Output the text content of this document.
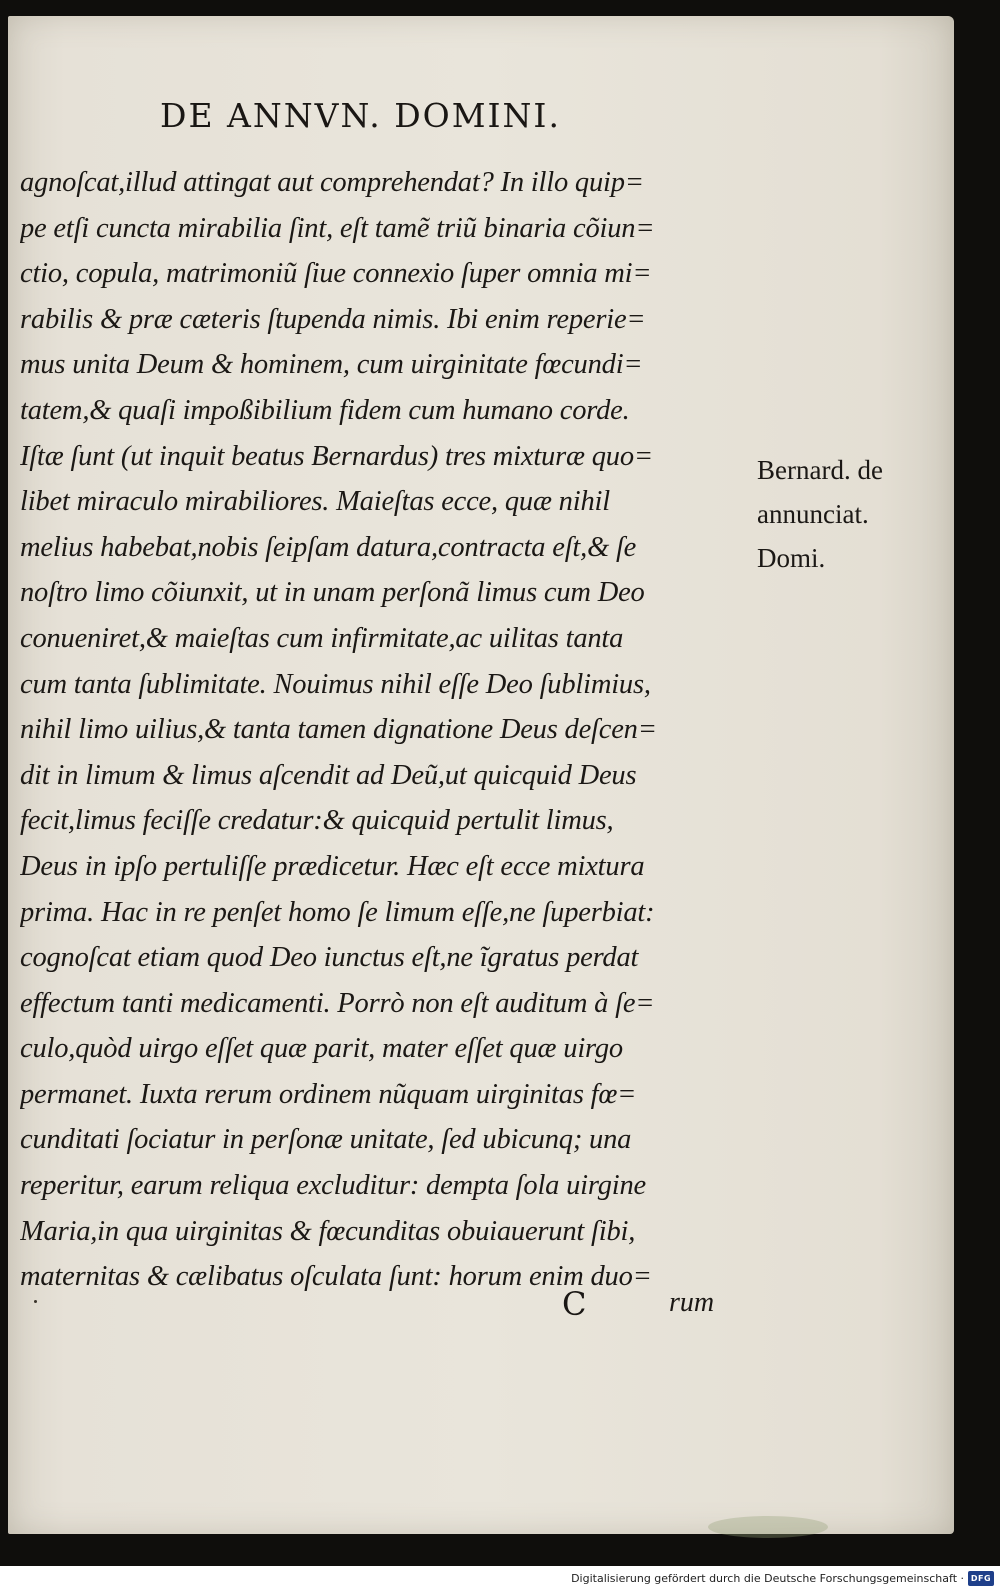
DE ANNVN. DOMINI.
agnoſcat,illud attingat aut comprehendat? In illo quip=
pe etſi cuncta mirabilia ſint, eſt tamẽ triũ binaria cõiun=
ctio, copula, matrimoniũ ſiue connexio ſuper omnia mi=
rabilis & præ cæteris ſtupenda nimis. Ibi enim reperie=
mus unita Deum & hominem, cum uirginitate fœcundi=
tatem,& quaſi impoßibilium fidem cum humano corde.
Iſtæ ſunt (ut inquit beatus Bernardus) tres mixturæ quo=
libet miraculo mirabiliores. Maieſtas ecce, quæ nihil
melius habebat,nobis ſeipſam datura,contracta eſt,& ſe
noſtro limo cõiunxit, ut in unam perſonã limus cum Deo
conueniret,& maieſtas cum infirmitate,ac uilitas tanta
cum tanta ſublimitate. Nouimus nihil eſſe Deo ſublimius,
nihil limo uilius,& tanta tamen dignatione Deus deſcen=
dit in limum & limus aſcendit ad Deũ,ut quicquid Deus
fecit,limus feciſſe credatur:& quicquid pertulit limus,
Deus in ipſo pertuliſſe prædicetur. Hæc eſt ecce mixtura
prima. Hac in re penſet homo ſe limum eſſe,ne ſuperbiat:
cognoſcat etiam quod Deo iunctus eſt,ne ĩgratus perdat
effectum tanti medicamenti. Porrò non eſt auditum à ſe=
culo,quòd uirgo eſſet quæ parit, mater eſſet quæ uirgo
permanet. Iuxta rerum ordinem nũquam uirginitas fœ=
cunditati ſociatur in perſonæ unitate, ſed ubicunq; una
reperitur, earum reliqua excluditur: dempta ſola uirgine
Maria,in qua uirginitas & fœcunditas obuiauerunt ſibi,
maternitas & cælibatus oſculata ſunt: horum enim duo=
Bernard. de
annunciat.
Domi.
C	rum
Digitalisierung gefördert durch die Deutsche Forschungsgemeinschaft · DFG
